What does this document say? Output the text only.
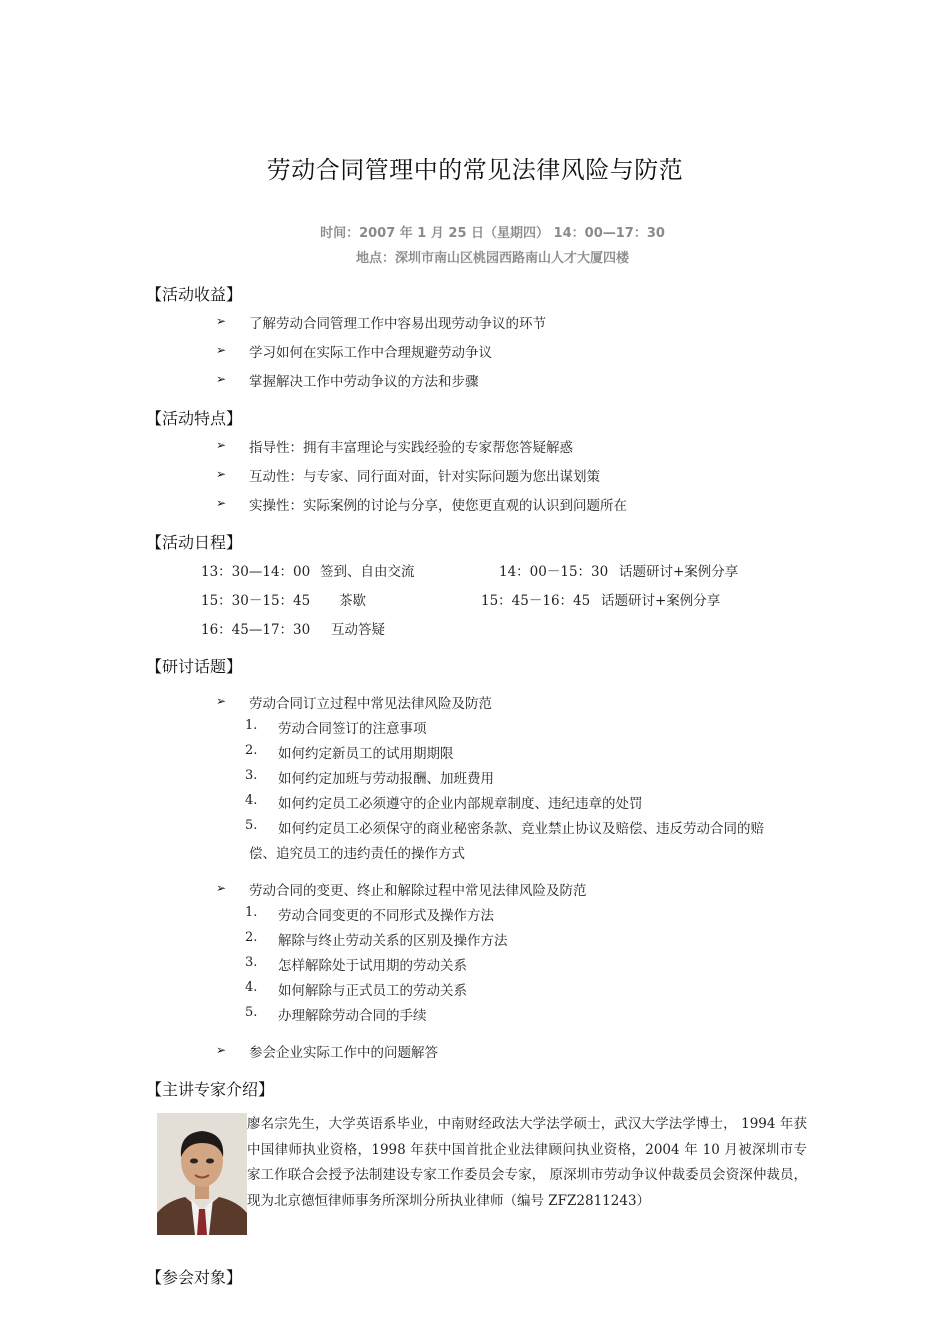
劳动合同管理中的常见法律风险与防范
时间：2007 年 1 月 25 日（星期四） 14：00—17：30
地点：深圳市南山区桃园西路南山人才大厦四楼
【活动收益】
➢ 了解劳动合同管理工作中容易出现劳动争议的环节
➢ 学习如何在实际工作中合理规避劳动争议
➢ 掌握解决工作中劳动争议的方法和步骤
【活动特点】
➢ 指导性：拥有丰富理论与实践经验的专家帮您答疑解惑
➢ 互动性：与专家、同行面对面，针对实际问题为您出谋划策
➢ 实操性：实际案例的讨论与分享，使您更直观的认识到问题所在
【活动日程】
13：30—14：00 签到、自由交流	14：00－15：30 话题研讨+案例分享
15：30－15：45 茶歇	15：45－16：45 话题研讨+案例分享
16：45—17：30 互动答疑
【研讨话题】
➢ 劳动合同订立过程中常见法律风险及防范
1. 劳动合同签订的注意事项
2. 如何约定新员工的试用期期限
3. 如何约定加班与劳动报酬、加班费用
4. 如何约定员工必须遵守的企业内部规章制度、违纪违章的处罚
5. 如何约定员工必须保守的商业秘密条款、竞业禁止协议及赔偿、违反劳动合同的赔
偿、追究员工的违约责任的操作方式
➢ 劳动合同的变更、终止和解除过程中常见法律风险及防范
1. 劳动合同变更的不同形式及操作方法
2. 解除与终止劳动关系的区别及操作方法
3. 怎样解除处于试用期的劳动关系
4. 如何解除与正式员工的劳动关系
5. 办理解除劳动合同的手续
➢ 参会企业实际工作中的问题解答
【主讲专家介绍】
廖名宗先生，大学英语系毕业，中南财经政法大学法学硕士，武汉大学法学博士， 1994 年获中国律师执业资格，1998 年获中国首批企业法律顾问执业资格，2004 年 10 月被深圳市专家工作联合会授予法制建设专家工作委员会专家， 原深圳市劳动争议仲裁委员会资深仲裁员，现为北京德恒律师事务所深圳分所执业律师（编号 ZFZ2811243）
【参会对象】
